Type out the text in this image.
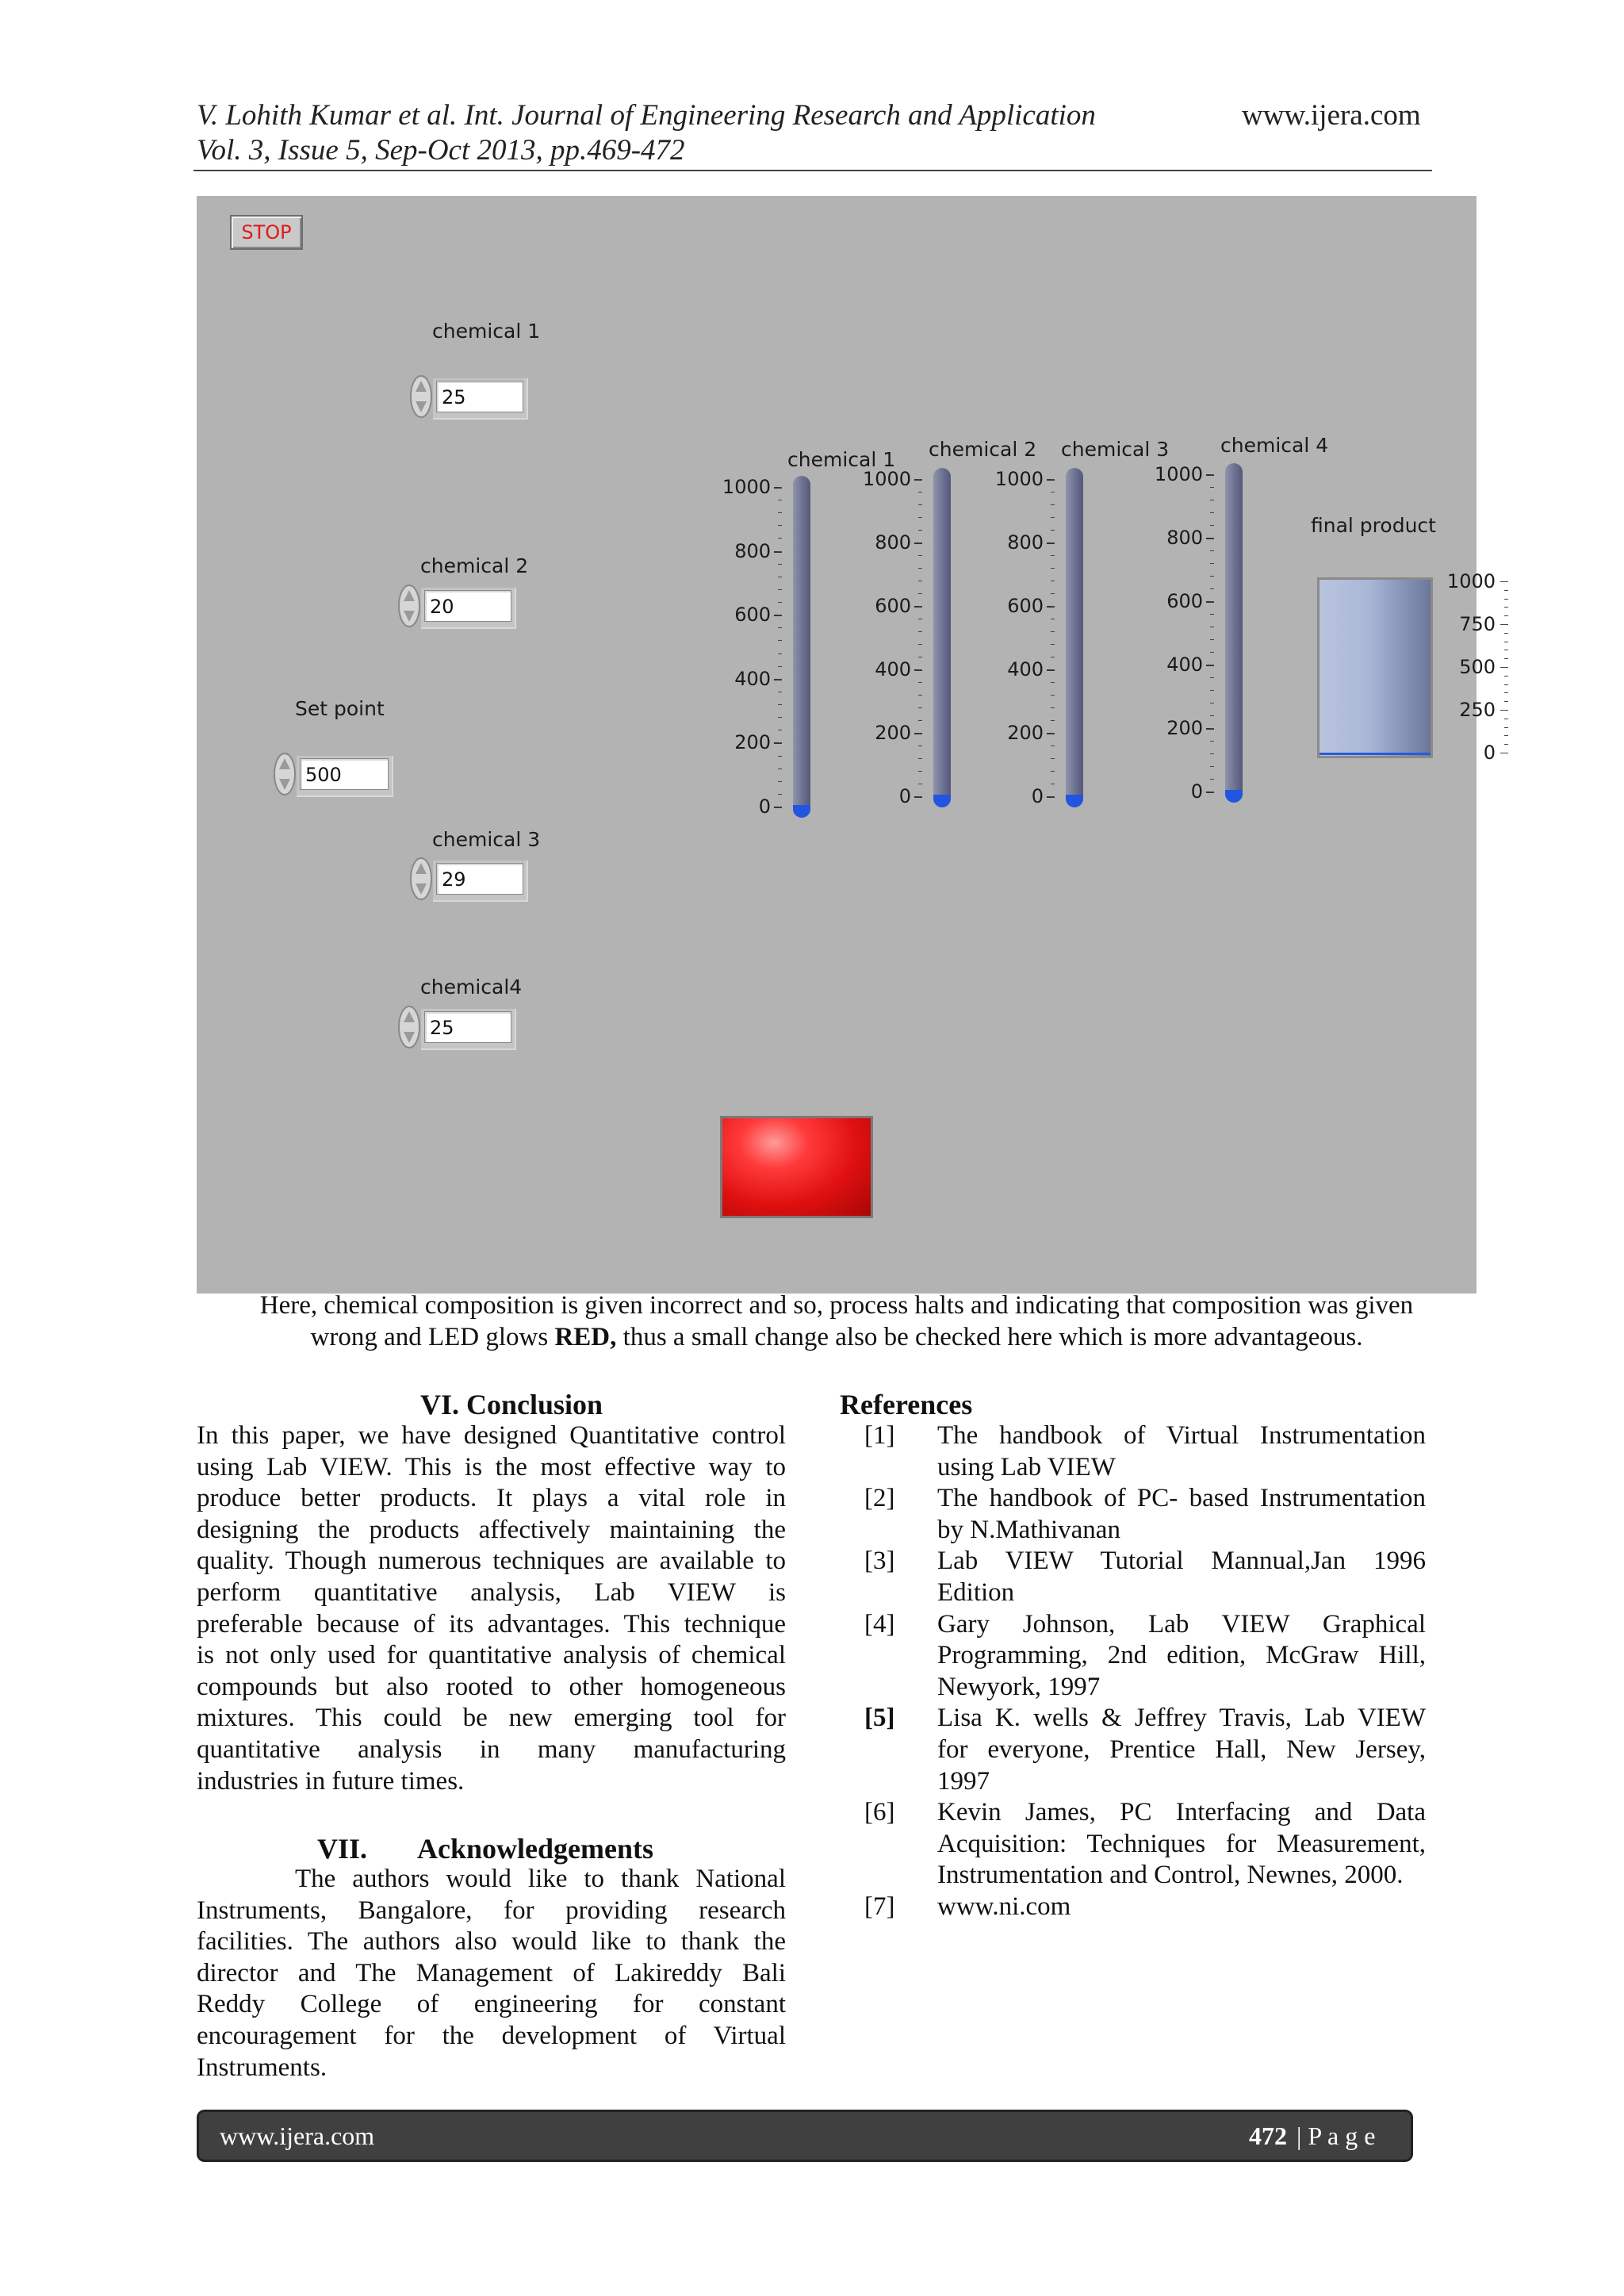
V. Lohith Kumar et al. Int. Journal of Engineering Research and Application
Vol. 3, Issue 5, Sep-Oct 2013, pp.469-472
www.ijera.com
STOP
chemical 1
25
chemical 2
20
Set point
500
chemical 3
29
chemical4
25
chemical 1
1000
800
600
400
200
0
chemical 2
1000
800
600
400
200
0
chemical 3
1000
800
600
400
200
0
chemical 4
1000
800
600
400
200
0
final product
1000
750
500
250
0
Here, chemical composition is given incorrect and so, process halts and indicating that composition was given
wrong and LED glows RED, thus a small change also be checked here which is more advantageous.
VI. Conclusion
In this paper, we have designed Quantitative control
using Lab VIEW. This is the most effective way to
produce better products. It plays a vital role in
designing the products affectively maintaining the
quality. Though numerous techniques are available to
perform quantitative analysis, Lab VIEW is
preferable because of its advantages. This technique
is not only used for quantitative analysis of chemical
compounds but also rooted to other homogeneous
mixtures. This could be new emerging tool for
quantitative analysis in many manufacturing
industries in future times.
VII. Acknowledgements
The authors would like to thank National
Instruments, Bangalore, for providing research
facilities. The authors also would like to thank the
director and The Management of Lakireddy Bali
Reddy College of engineering for constant
encouragement for the development of Virtual
Instruments.
References
[1] The handbook of Virtual Instrumentation
using Lab VIEW
[2] The handbook of PC- based Instrumentation
by N.Mathivanan
[3] Lab VIEW Tutorial Mannual,Jan 1996
Edition
[4] Gary Johnson, Lab VIEW Graphical
Programming, 2nd edition, McGraw Hill,
Newyork, 1997
[5] Lisa K. wells & Jeffrey Travis, Lab VIEW
for everyone, Prentice Hall, New Jersey,
1997
[6] Kevin James, PC Interfacing and Data
Acquisition: Techniques for Measurement,
Instrumentation and Control, Newnes, 2000.
[7] www.ni.com
www.ijera.com	472 | P a g e
